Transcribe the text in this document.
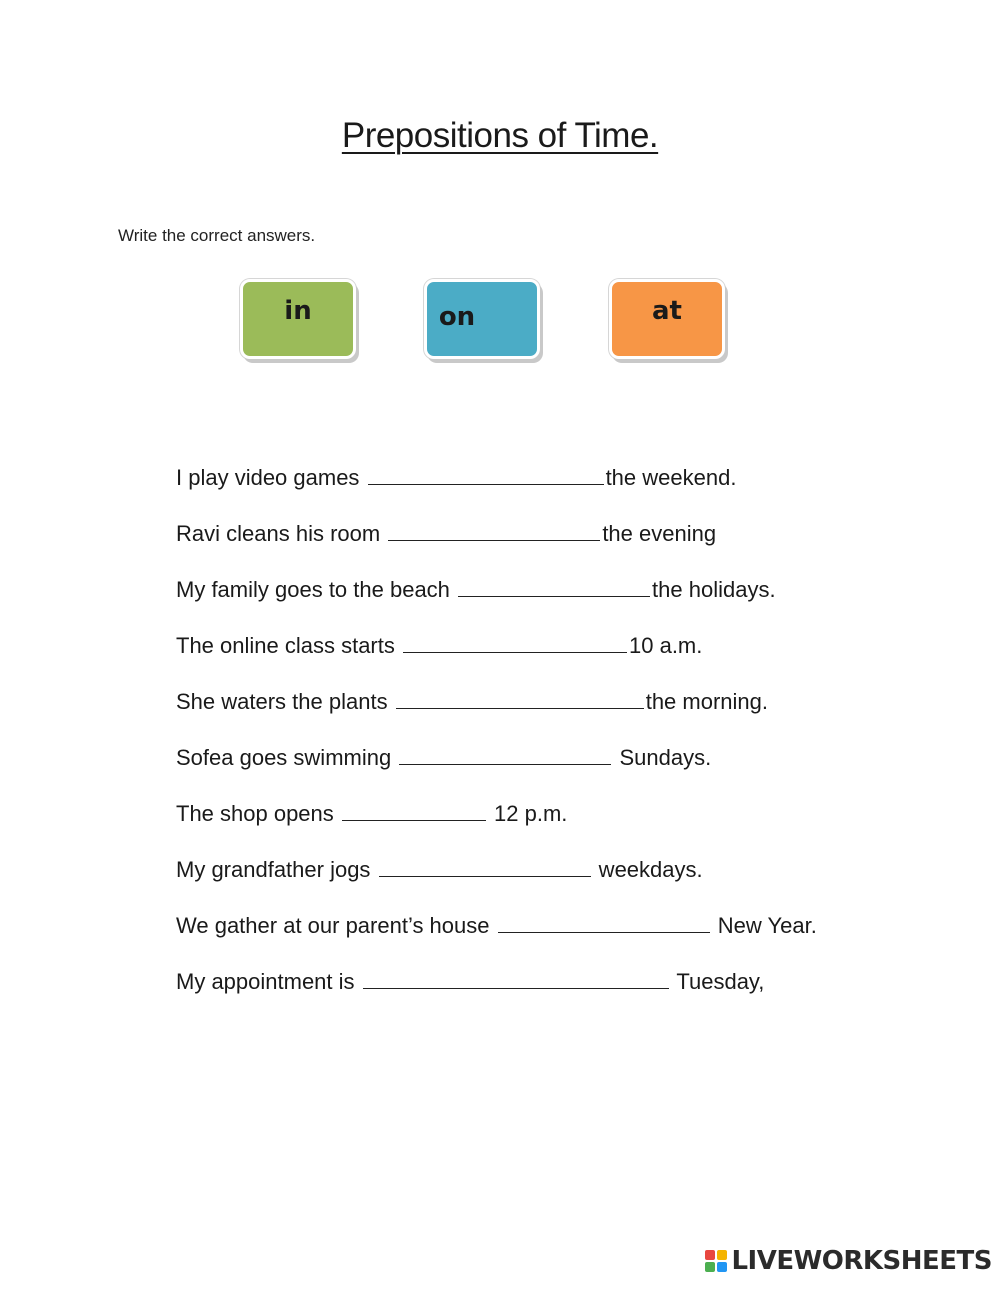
Prepositions of Time.
Write the correct answers.
in	on	at
I play video games	the weekend.
Ravi cleans his room	the evening
My family goes to the beach	the holidays.
The online class starts	10 a.m.
She waters the plants	the morning.
Sofea goes swimming	Sundays.
The shop opens	12 p.m.
My grandfather jogs	weekdays.
We gather at our parent’s house	New Year.
My appointment is	Tuesday,
LIVEWORKSHEETS
